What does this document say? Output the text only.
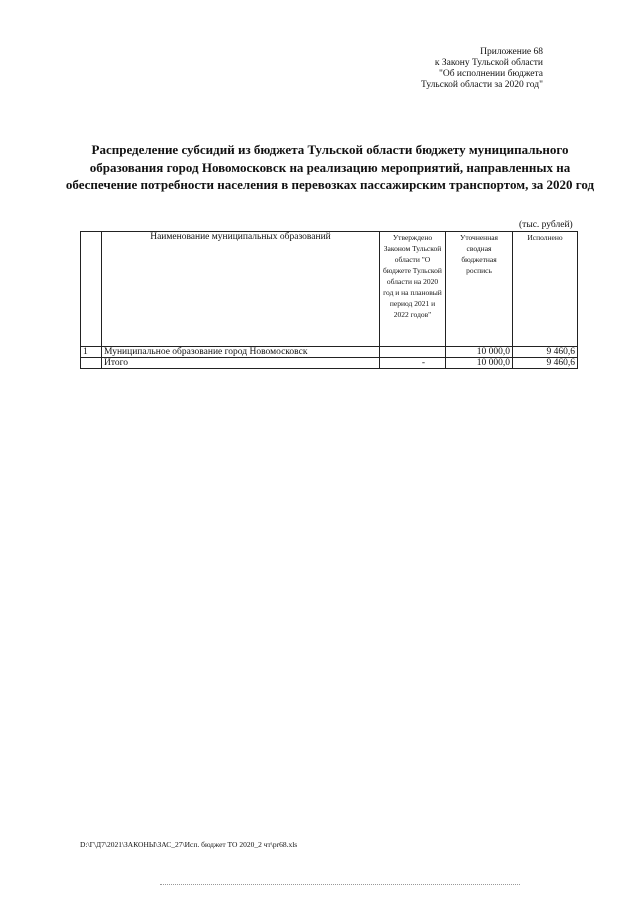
Приложение 68
к Закону Тульской области
"Об исполнении бюджета
Тульской области за 2020 год"
Распределение субсидий из бюджета Тульской области бюджету муниципального
образования город Новомосковск на реализацию мероприятий, направленных на
обеспечение потребности населения в перевозках пассажирским транспортом, за 2020 год
(тыс. рублей)
	Наименование муниципальных образований	Утверждено Законом Тульской области "О бюджете Тульской области на 2020 год и на плановый период 2021 и 2022 годов"	Уточненная сводная бюджетная роспись	Исполнено
1	Муниципальное образование город Новомосковск		10 000,0	9 460,6
	Итого	-	10 000,0	9 460,6
D:\Г\Д7\2021\ЗАКОНЫ\ЗАС_27\Исп. бюджет ТО 2020_2 чт\pr68.xls
